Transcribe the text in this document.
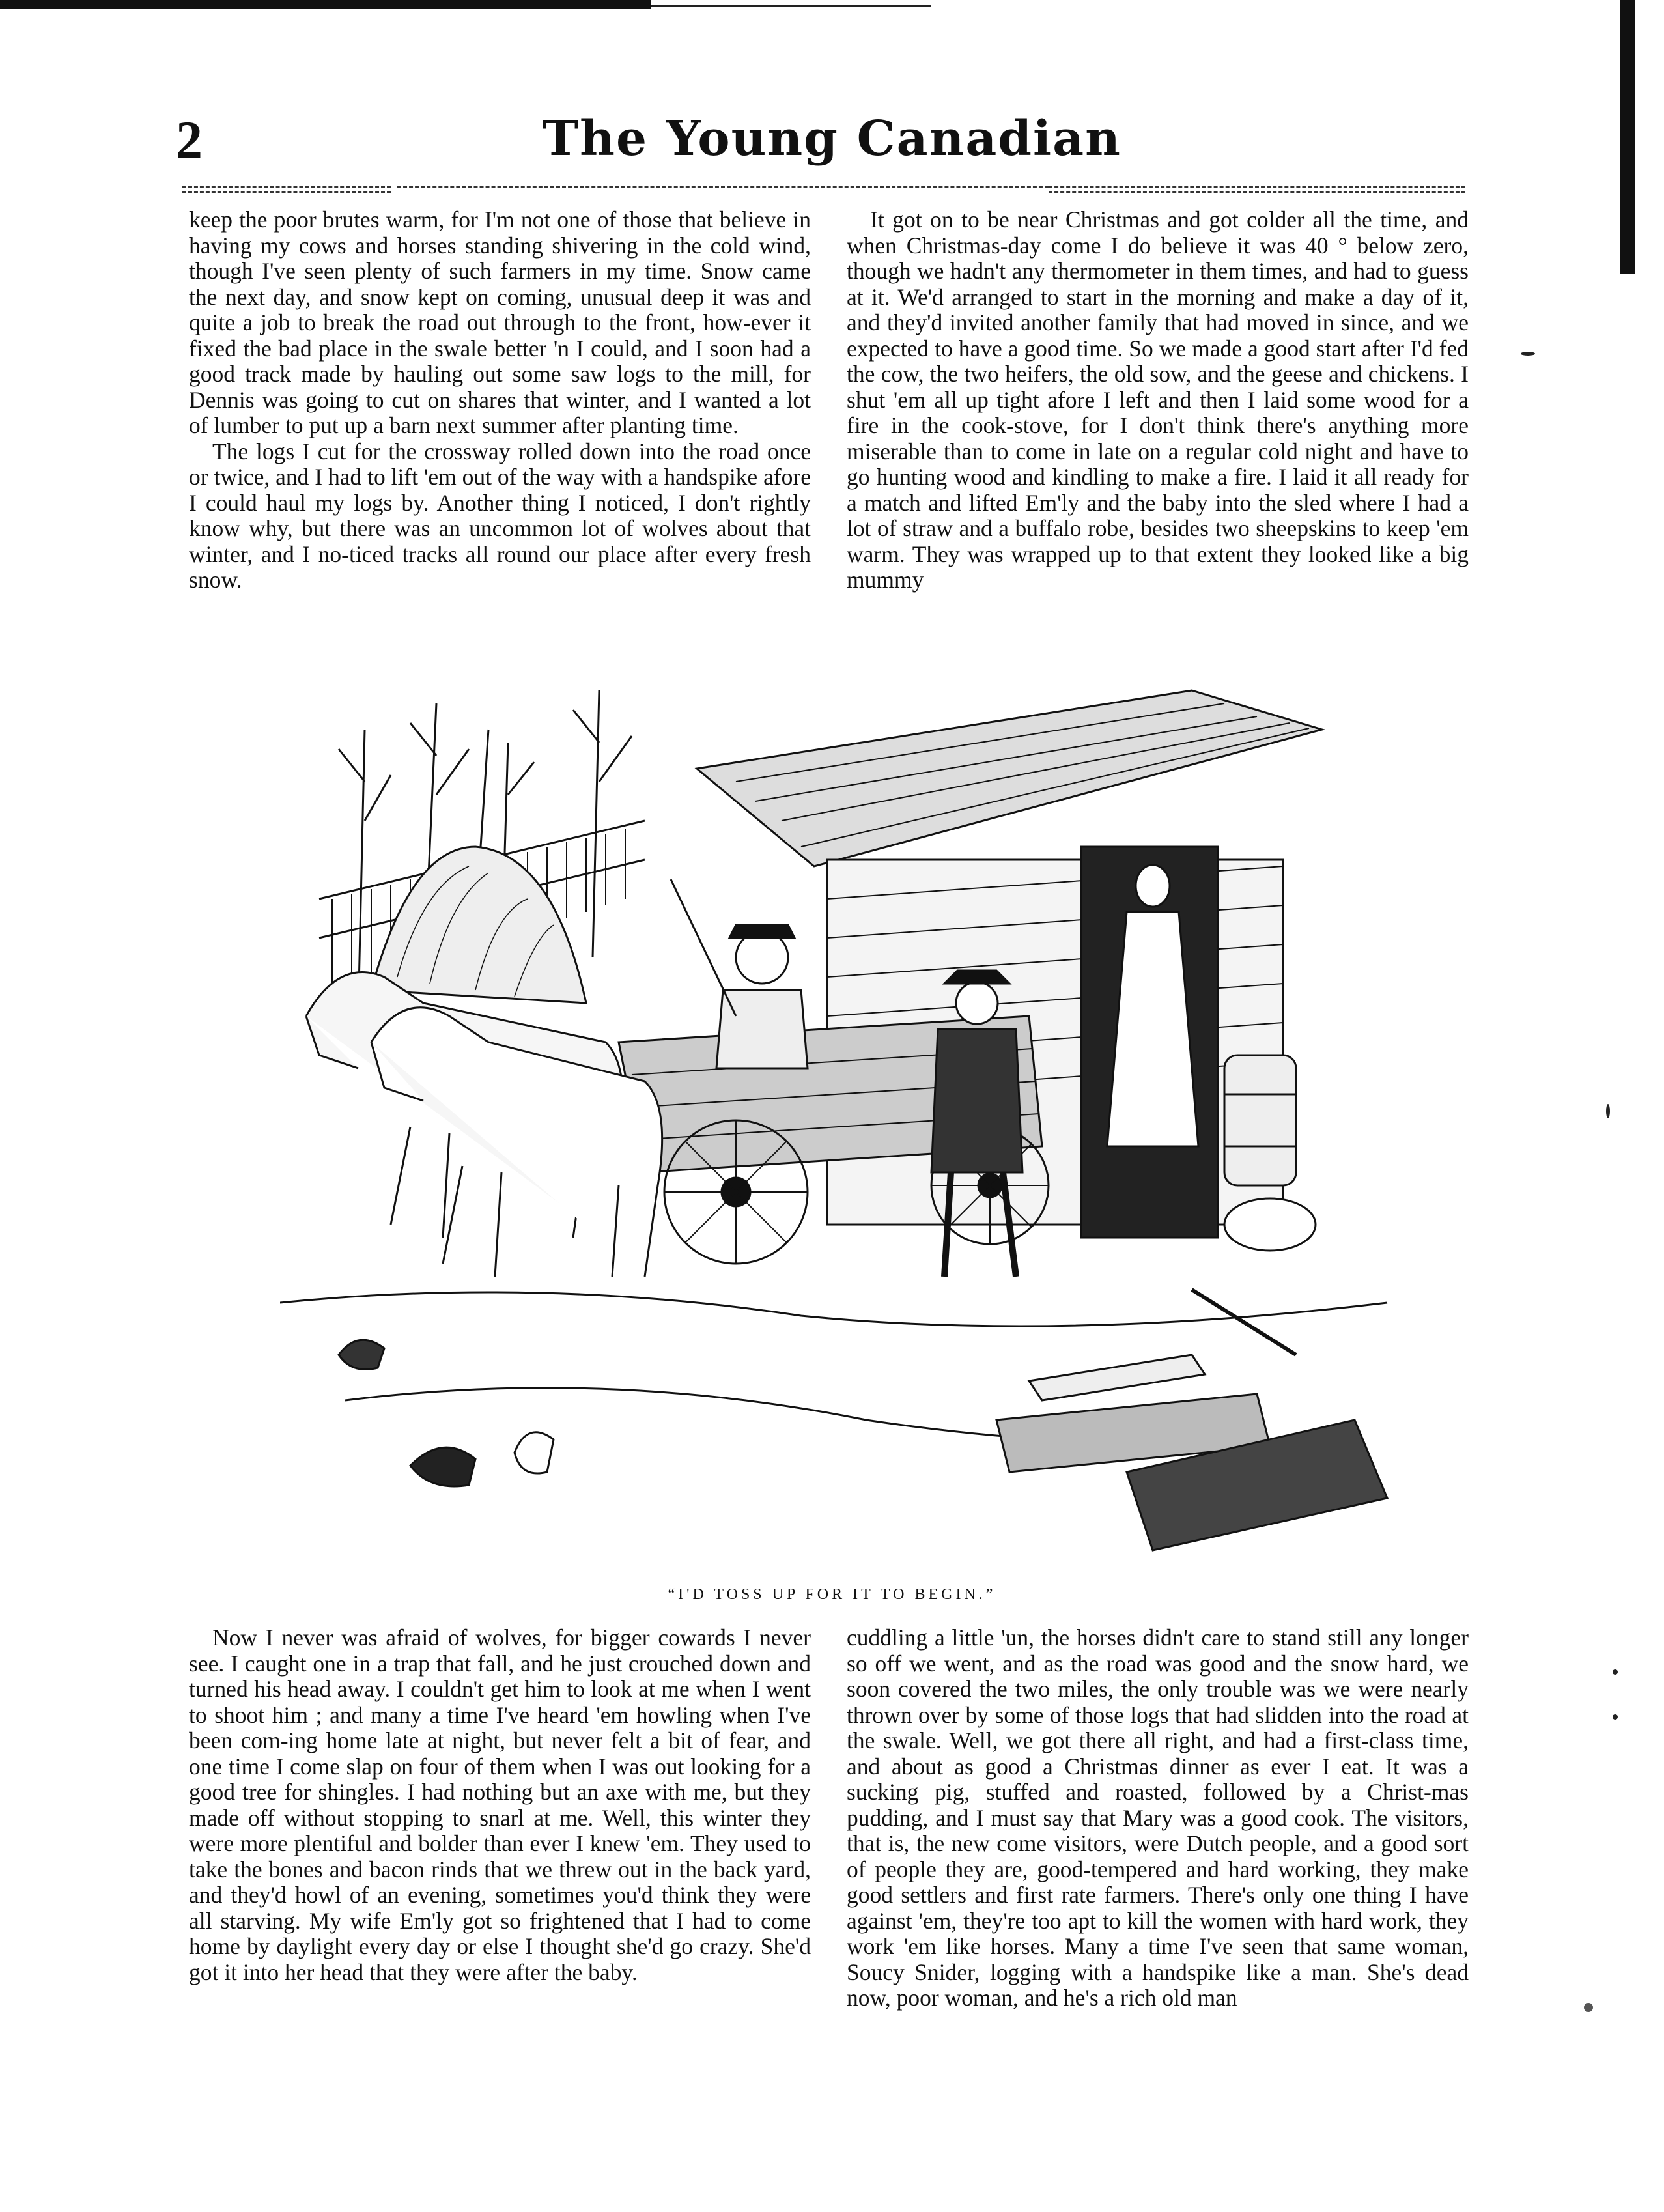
2	The Young Canadian

keep the poor brutes warm, for I'm not one of those that believe in having my cows and horses standing shivering in the cold wind, though I've seen plenty of such farmers in my time. Snow came the next day, and snow kept on coming, unusual deep it was and quite a job to break the road out through to the front, how-ever it fixed the bad place in the swale better 'n I could, and I soon had a good track made by hauling out some saw logs to the mill, for Dennis was going to cut on shares that winter, and I wanted a lot of lumber to put up a barn next summer after planting time.

The logs I cut for the crossway rolled down into the road once or twice, and I had to lift 'em out of the way with a handspike afore I could haul my logs by. Another thing I noticed, I don't rightly know why, but there was an uncommon lot of wolves about that winter, and I no-ticed tracks all round our place after every fresh snow.

It got on to be near Christmas and got colder all the time, and when Christmas-day come I do believe it was 40 ° below zero, though we hadn't any thermometer in them times, and had to guess at it. We'd arranged to start in the morning and make a day of it, and they'd invited another family that had moved in since, and we expected to have a good time. So we made a good start after I'd fed the cow, the two heifers, the old sow, and the geese and chickens. I shut 'em all up tight afore I left and then I laid some wood for a fire in the cook-stove, for I don't think there's anything more miserable than to come in late on a regular cold night and have to go hunting wood and kindling to make a fire. I laid it all ready for a match and lifted Em'ly and the baby into the sled where I had a lot of straw and a buffalo robe, besides two sheepskins to keep 'em warm. They was wrapped up to that extent they looked like a big mummy

“I'D TOSS UP FOR IT TO BEGIN.”

Now I never was afraid of wolves, for bigger cowards I never see. I caught one in a trap that fall, and he just crouched down and turned his head away. I couldn't get him to look at me when I went to shoot him ; and many a time I've heard 'em howling when I've been com-ing home late at night, but never felt a bit of fear, and one time I come slap on four of them when I was out looking for a good tree for shingles. I had nothing but an axe with me, but they made off without stopping to snarl at me. Well, this winter they were more plentiful and bolder than ever I knew 'em. They used to take the bones and bacon rinds that we threw out in the back yard, and they'd howl of an evening, sometimes you'd think they were all starving. My wife Em'ly got so frightened that I had to come home by daylight every day or else I thought she'd go crazy. She'd got it into her head that they were after the baby.

cuddling a little 'un, the horses didn't care to stand still any longer so off we went, and as the road was good and the snow hard, we soon covered the two miles, the only trouble was we were nearly thrown over by some of those logs that had slidden into the road at the swale. Well, we got there all right, and had a first-class time, and about as good a Christmas dinner as ever I eat. It was a sucking pig, stuffed and roasted, followed by a Christ-mas pudding, and I must say that Mary was a good cook. The visitors, that is, the new come visitors, were Dutch people, and a good sort of people they are, good-tempered and hard working, they make good settlers and first rate farmers. There's only one thing I have against 'em, they're too apt to kill the women with hard work, they work 'em like horses. Many a time I've seen that same woman, Soucy Snider, logging with a handspike like a man. She's dead now, poor woman, and he's a rich old man
